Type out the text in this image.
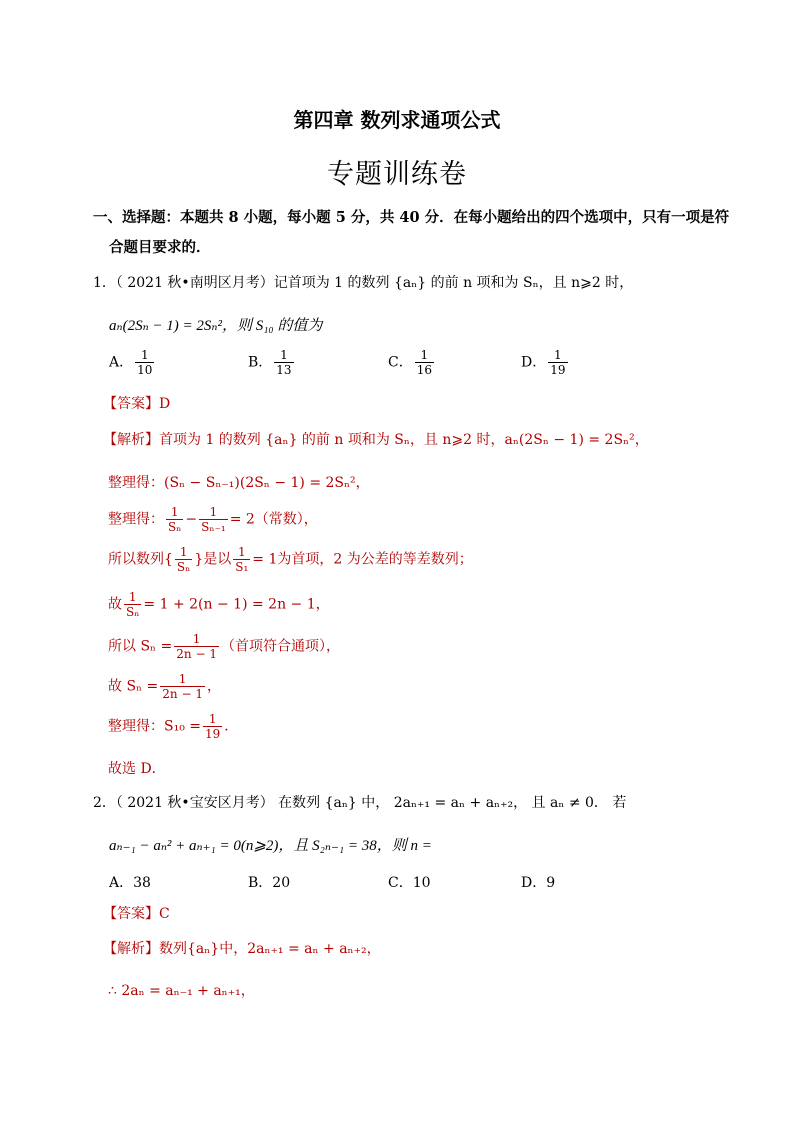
第四章 数列求通项公式
专题训练卷
一、选择题：本题共 8 小题，每小题 5 分，共 40 分．在每小题给出的四个选项中，只有一项是符
合题目要求的．
1．（ 2021 秋•南明区月考）记首项为 1 的数列 {aₙ} 的前 n 项和为 Sₙ，且 n⩾2 时，
aₙ(2Sₙ − 1) = 2Sₙ²，则 S₁₀ 的值为
A． $\frac{1}{10}$	B． $\frac{1}{13}$	C． $\frac{1}{16}$	D． $\frac{1}{19}$
【答案】D
【解析】首项为 1 的数列 {aₙ} 的前 n 项和为 Sₙ，且 n⩾2 时，aₙ(2Sₙ − 1) = 2Sₙ²，
整理得：(Sₙ − Sₙ₋₁)(2Sₙ − 1) = 2Sₙ²，
整理得： $\frac{1}{\text{Sₙ}} - \frac{1}{\text{Sₙ₋₁}} = 2$（常数），
所以数列{ $\frac{1}{\text{Sₙ}}$ }是以 $\frac{1}{\text{S₁}} = 1$为首项，2 为公差的等差数列；
故 $\frac{1}{\text{Sₙ}} = 1 + 2(n - 1) = 2n - 1$，
所以 $S_n = \frac{1}{2n - 1}$ （首项符合通项），
故 $S_n = \frac{1}{2n - 1}$ ，
整理得：$S_{10} = \frac{1}{19}$ ．
故选 D．
2．（ 2021 秋•宝安区月考） 在数列 {aₙ} 中， 2aₙ₊₁ = aₙ + aₙ₊₂， 且 aₙ ≠ 0． 若
aₙ₋₁ − aₙ² + aₙ₊₁ = 0(n⩾2)，且 S₂ₙ₋₁ = 38，则 n =
A．38	B．20	C．10	D．9
【答案】C
【解析】数列{aₙ}中，2aₙ₊₁ = aₙ + aₙ₊₂，
∴ 2aₙ = aₙ₋₁ + aₙ₊₁，
